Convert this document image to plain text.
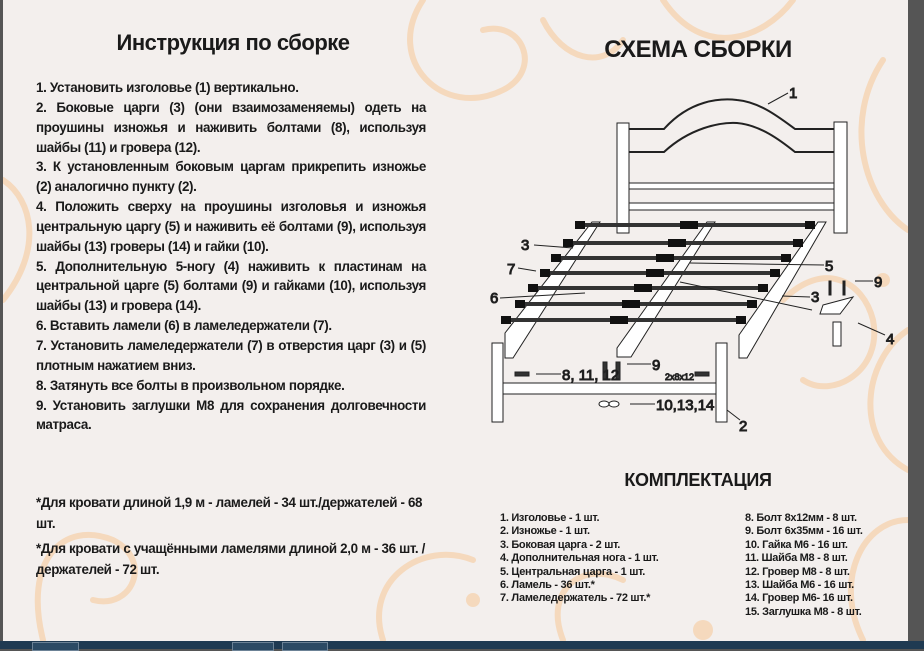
Инструкция по сборке

1. Установить изголовье (1) вертикально.

2. Боковые царги (3) (они взаимозаменяемы) одеть на проушины изножья и наживить болтами (8), используя шайбы (11) и гровера (12).

3. К установленным боковым царгам прикрепить изножье (2) аналогично пункту (2).

4. Положить сверху на проушины изголовья и изножья центральную царгу (5) и наживить её болтами (9), используя шайбы (13) гроверы (14) и гайки (10).

5. Дополнительную 5-ногу (4) наживить к пластинам на центральной царге (5) болтами (9) и гайками (10), используя шайбы (13) и гровера (14).

6. Вставить ламели (6) в ламеледержатели (7).

7. Установить ламеледержатели (7) в отверстия царг (3) и (5) плотным нажатием вниз.

8. Затянуть все болты в произвольном порядке.

9. Установить заглушки М8 для сохранения долговечности матраса.

*Для кровати длиной 1,9 м - ламелей - 34 шт./держателей - 68 шт.

*Для кровати с учащёнными ламелями длиной 2,0 м - 36 шт. /держателей - 72 шт.

СХЕМА СБОРКИ
1
3
7
6
5
3
9
4
8, 11, 12
9
2x8x12
10,13,14
2
КОМПЛЕКТАЦИЯ
1. Изголовье - 1 шт.
2. Изножье - 1 шт.
3. Боковая царга - 2 шт.
4. Дополнительная нога - 1 шт.
5. Центральная царга - 1 шт.
6. Ламель - 36 шт.*
7. Ламеледержатель - 72 шт.*
8. Болт 8х12мм - 8 шт.
9. Болт 6х35мм - 16 шт.
10. Гайка М6 - 16 шт.
11. Шайба М8 - 8 шт.
12. Гровер М8 - 8 шт.
13. Шайба М6 - 16 шт.
14. Гровер М6- 16 шт.
15. Заглушка М8 - 8 шт.
